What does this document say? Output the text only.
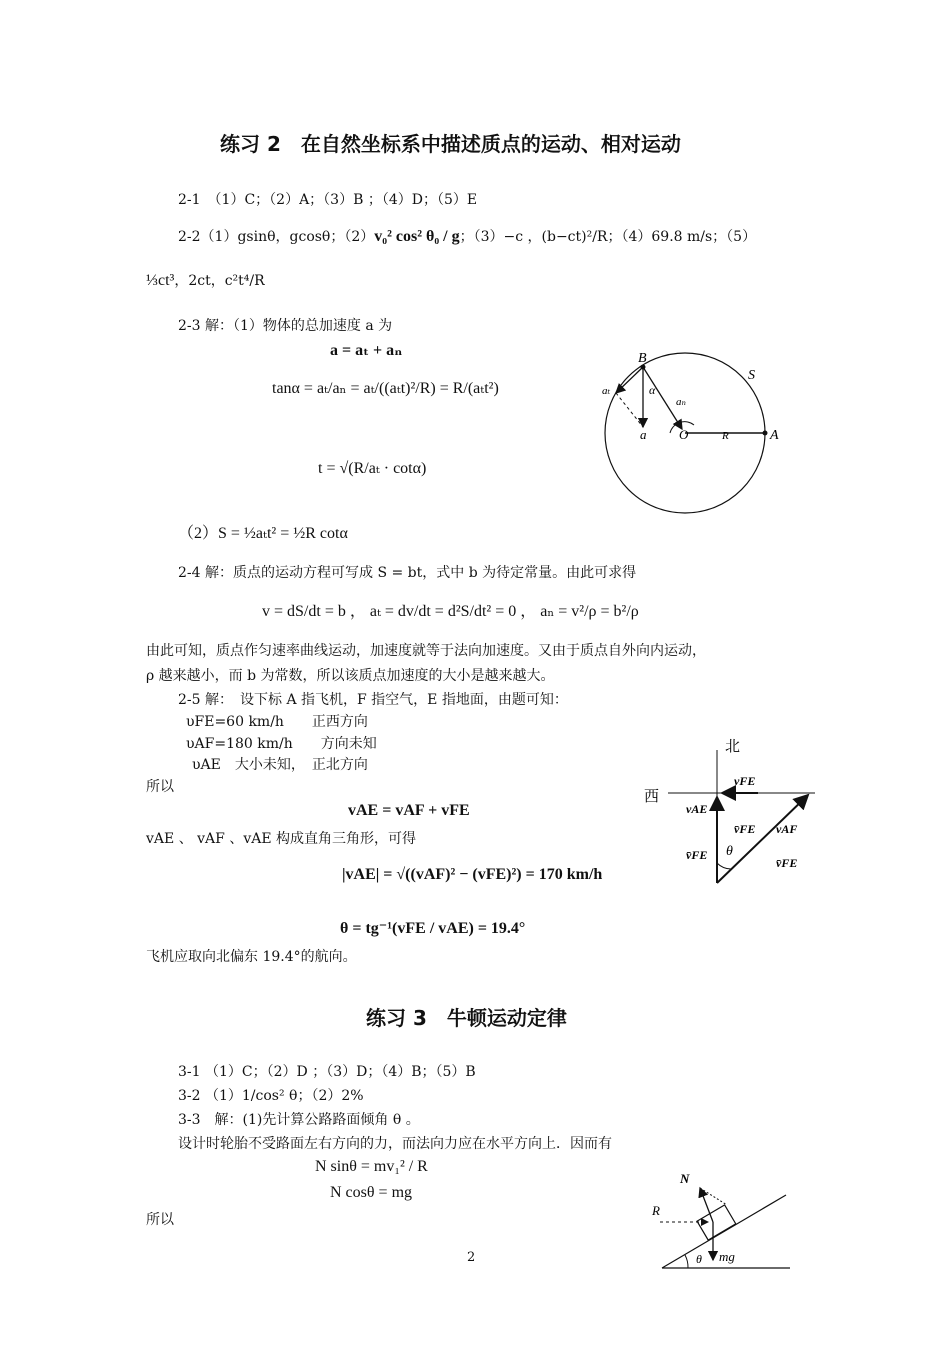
练习 2　在自然坐标系中描述质点的运动、相对运动
2-1　（1）C；（2）A；（3）B ；（4）D；（5）E
2-2（1）gsinθ，gcosθ；（2）v₀² cos² θ₀ / g；（3）−c ，(b−ct)²/R；（4）69.8 m/s；（5）
⅓ct³，2ct，c²t⁴/R
2-3 解：（1）物体的总加速度 a 为
a = aₜ + aₙ
tanα = aₜ/aₙ = aₜ/((aₜt)²/R) = R/(aₜt²)
t = √(R/aₜ · cotα)
（2）S = ½aₜt² = ½R cotα
B
S
aₜ	α
aₙ
a	O	R	A
2-4 解：质点的运动方程可写成 S = bt，式中 b 为待定常量。由此可求得
v = dS/dt = b ， aₜ = dv/dt = d²S/dt² = 0 ， aₙ = v²/ρ = b²/ρ
由此可知，质点作匀速率曲线运动，加速度就等于法向加速度。又由于质点自外向内运动，
ρ 越来越小，而 b 为常数，所以该质点加速度的大小是越来越大。
2-5 解：　设下标 A 指飞机，F 指空气，E 指地面，由题可知：
υFE=60 km/h　　正西方向
υAF=180 km/h　　方向未知
υAE　大小未知，　正北方向
所以
vAE = vAF + vFE
vAE 、 vAF 、vAE 构成直角三角形，可得
|vAE| = √((vAF)² − (vFE)²) = 170 km/h
θ = tg⁻¹(vFE / vAE) = 19.4°
飞机应取向北偏东 19.4°的航向。
北
西
vFE
vAE
v̄FE vAF
v̄FE θ
v̄FE
练习 3　牛顿运动定律
3-1 （1）C；（2）D ；（3）D；（4）B；（5）B
3-2 （1）1/cos² θ；（2）2%
3-3　解：(1)先计算公路路面倾角 θ 。
设计时轮胎不受路面左右方向的力，而法向力应在水平方向上．因而有
N sinθ = mv₁² / R
N cosθ = mg
所以
N
R
θ mg
2
